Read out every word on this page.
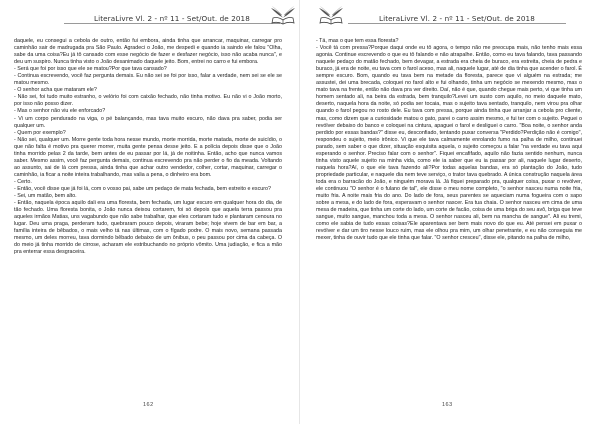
LiteraLivre Vl. 2 - nº 11 - Set/Out. de 2018

daquele, eu consegui a cebola de outro, então fui embora, ainda tinha que arrancar, maquinar, carregar pro caminhão sair de madrugada pra São Paulo. Agradeci o João, me despedi e quando ia saindo ele falou "Olha, sabe da uma coisa?Eu já tô cansado com esse negócio de fazer e desfazer negócio, isso não acaba nunca", e deu um suspiro. Nunca tinha visto o João desanimado daquele jeito. Bom, entrei no carro e fui embora.

- Será que foi por isso que ele se matou?Por que tava cansado?

- Continua escrevendo, você faz pergunta demais. Eu não sei se foi por isso, falar a verdade, nem sei se ele se matou mesmo.

- O senhor acha que mataram ele?

- Não sei, foi tudo muito estranho, o velório foi com caixão fechado, não tinha motivo. Eu não vi o João morto, por isso não posso dizer.

- Mas o senhor não viu ele enforcado?

- Vi um corpo pendurado na viga, o pé balançando, mas tava muito escuro, não dava pra saber, podia ser qualquer um.

- Quem por exemplo?

- Não sei, qualquer um. Morre gente toda hora nesse mundo, morte morrida, morte matada, morte de suicídio, o que não falta é motivo pra querer morrer, muita gente pensa desse jeito. E a polícia depois disse que o João tinha morrido pelas 2 da tarde, bem antes de eu passar por lá, já de noitinha. Então, acho que nunca vamos saber. Mesmo assim, você faz pergunta demais, continua escrevendo pra não perder o fio da meada. Voltando ao assunto, sai de lá com pressa, ainda tinha que achar outro vendedor, colher, cortar, maquinar, carregar o caminhão, ia ficar a noite inteira trabalhando, mas valia a pena, o dinheiro era bom.

- Certo.

- Então, você disse que já foi lá, com o vosso pai, sabe um pedaço de mata fechada, bem estreito e escuro?

- Sei, um matão, bem alto.

- Então, naquela época aquilo dali era uma floresta, bem fechada, um lugar escuro em qualquer hora do dia, de tão fechado. Uma floresta bonita, o João nunca deixou cortarem, foi só depois que aquela terra passou pra aqueles irmãos Matias, uns vagabundo que não sabe trabalhar, que eles cortaram tudo e plantaram cenoura no lugar. Deu uma praga, perderam tudo, quebraram pouco depois, viraram bebe; hoje vivem de bar em bar, a família inteira de bêbados, o mais velho tá nas últimas, com o fígado podre. O mais novo, semana passada mesmo, um deles morreu, tava dormindo bêbado debaixo de um ônibus, o peu passou por cima da cabeça. O do meio já tinha morrido de cirrose, acharam ele estribuchando no próprio vômito. Uma judiação, e fica a mão pra enterrar essa desgraceira.

162
LiteraLivre Vl. 2 - nº 11 - Set/Out. de 2018

- Tá, mas o que tem essa floresta?

- Você tá com pressa?Porque daqui onde eu tô agora, o tempo não me preocupa mais, não tenho mais essa agonia. Continue escrevendo o que eu tô falando e não atrapalhe. Então, como eu tava falando, tava passando naquele pedaço do matão fechado, bem devagar, a estrada era cheia de buraco, era estreita, cheia de pedra e buraco, já era de noite, eu tava com o farol aceso, mas ali, naquele lugar, até de dia tinha que acender o farol. É sempre escuro. Bom, quando eu tava bem na metade da floresta, parece que vi alguém na estrada; me assustei, dei uma brecada, coloquei no farol alto e fui olhando, tinha um negócio se mexendo mesmo, mas o mato tava na frente, então não dava pra ver direito. Daí, não é que, quando chegue mais perto, vi que tinha um homem sentado ali, na beira da estrada, bem tranquilo?Levei um susto com aquilo, no meio daquele mato, deserto, naquela hora da noite, só podia ser tocaia, mas o sujeito tava sentado, tranquilo, nem virou pra olhar quando o farol pegou no rosto dele. Eu tava com pressa, porque ainda tinha que arranjar a cebola pro cliente, mas, como dizem que a curiosidade matou o gato, parei o carro assim mesmo, e fui ter com o sujeito. Peguei o revólver debaixo do banco e coloquei na cintura, apaguei o farol e desliguei o carro. "Boa noite, o senhor anda perdido por essas bandas?" disse eu, desconfiado, tentando puxar conversa "Perdido?Perdição não é comigo", respondeu o sujeito, meio irônico. Vi que ele tava calmamente enrolando fumo na palha de milho, continuei parado, sem saber o que dizer, situação esquisita aquela, o sujeito começou a falar "na verdade eu tava aqui esperando o senhor. Preciso falar com o senhor". Fiquei encafifado, aquilo não fazia sentido nenhum, nunca tinha visto aquele sujeito na minha vida, como ele ia saber que eu ia passar por ali, naquele lugar deserto, naquela hora?Aí, o que ele tava fazendo ali?Por todas aquelas bandas, era só plantação do João, tudo propriedade particular, e naquele dia nem teve serviço, o trator tava quebrado. A única construção naquela área toda era o barracão do João, e ninguém morava lá. Já fiquei preparado pra, qualquer coisa, puxar o revólver, ele continuou "O senhor é o fulano de tal", ele disse o meu nome completo, "o senhor nasceu numa noite fria, muito fria. A noite mais fria do ano. Do lado de fora, seus parentes se aqueciam numa fogueira com o sapo sobre a mesa, e do lado de fora, esperavam o senhor nascer. Era tua chaia. O senhor nasceu em cima de uma mesa de madeira, que tinha um corte do lado, um corte de facão, coisa de uma briga do seu avô, briga que teve sangue, muito sangue, manchou toda a mesa. O senhor nasceu ali, bem na mancha de sangue". Ali eu tremi, como ele sabia de tudo essas coisas?Ele aparentava ser bem mais novo do que eu. Até pensei em puxar o revólver e dar um tiro nesse louco ruim, mas ele olhou pra mim, um olhar penetrante, e eu não conseguia me mexer, tinha de ouvir tudo que ele tinha que falar. "O senhor cresceu", disse ele, pitando na palha de milho,

163
